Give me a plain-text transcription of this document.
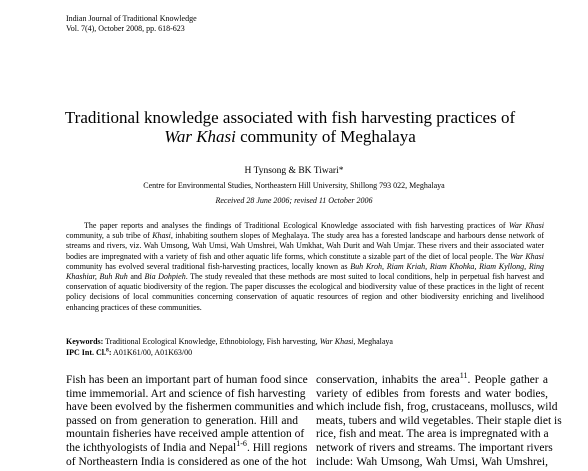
Indian Journal of Traditional Knowledge
Vol. 7(4), October 2008, pp. 618-623
Traditional knowledge associated with fish harvesting practices of
War Khasi community of Meghalaya
H Tynsong & BK Tiwari*
Centre for Environmental Studies, Northeastern Hill University, Shillong 793 022, Meghalaya
Received 28 June 2006; revised 11 October 2006

The paper reports and analyses the findings of Traditional Ecological Knowledge associated with fish harvesting practices of War Khasi community, a sub tribe of Khasi, inhabiting southern slopes of Meghalaya. The study area has a forested landscape and harbours dense network of streams and rivers, viz. Wah Umsong, Wah Umsi, Wah Umshrei, Wah Umkhat, Wah Durit and Wah Umjar. These rivers and their associated water bodies are impregnated with a variety of fish and other aquatic life forms, which constitute a sizable part of the diet of local people. The War Khasi community has evolved several traditional fish-harvesting practices, locally known as Buh Kroh, Riam Kriah, Riam Khohka, Riam Kyllong, Ring Khashiar, Buh Ruh and Bia Dohpieh. The study revealed that these methods are most suited to local conditions, help in perpetual fish harvest and conservation of aquatic biodiversity of the region. The paper discusses the ecological and biodiversity value of these practices in the light of recent policy decisions of local communities concerning conservation of aquatic resources of region and other biodiversity enriching and livelihood enhancing practices of these communities.

Keywords: Traditional Ecological Knowledge, Ethnobiology, Fish harvesting, War Khasi, Meghalaya
IPC Int. Cl.$^8$: A01K61/00, A01K63/00
Fish has been an important part of human food since
time immemorial. Art and science of fish harvesting
have been evolved by the fishermen communities and
passed on from generation to generation. Hill and
mountain fisheries have received ample attention of
the ichthyologists of India and Nepal$^{1-6}$. Hill regions
of Northeastern India is considered as one of the hot
conservation, inhabits the area$^{11}$. People gather a
variety of edibles from forests and water bodies,
which include fish, frog, crustaceans, molluscs, wild
meats, tubers and wild vegetables. Their staple diet is
rice, fish and meat. The area is impregnated with a
network of rivers and streams. The important rivers
include: Wah Umsong, Wah Umsi, Wah Umshrei,
